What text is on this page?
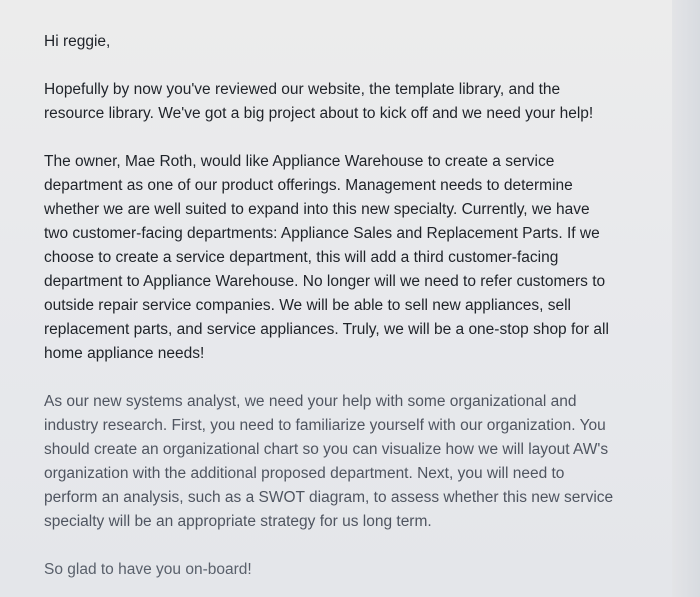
Hi reggie,

Hopefully by now you've reviewed our website, the template library, and the
resource library. We've got a big project about to kick off and we need your help!

The owner, Mae Roth, would like Appliance Warehouse to create a service
department as one of our product offerings. Management needs to determine
whether we are well suited to expand into this new specialty. Currently, we have
two customer-facing departments: Appliance Sales and Replacement Parts. If we
choose to create a service department, this will add a third customer-facing
department to Appliance Warehouse. No longer will we need to refer customers to
outside repair service companies. We will be able to sell new appliances, sell
replacement parts, and service appliances. Truly, we will be a one-stop shop for all
home appliance needs!

As our new systems analyst, we need your help with some organizational and
industry research. First, you need to familiarize yourself with our organization. You
should create an organizational chart so you can visualize how we will layout AW's
organization with the additional proposed department. Next, you will need to
perform an analysis, such as a SWOT diagram, to assess whether this new service
specialty will be an appropriate strategy for us long term.

So glad to have you on-board!
